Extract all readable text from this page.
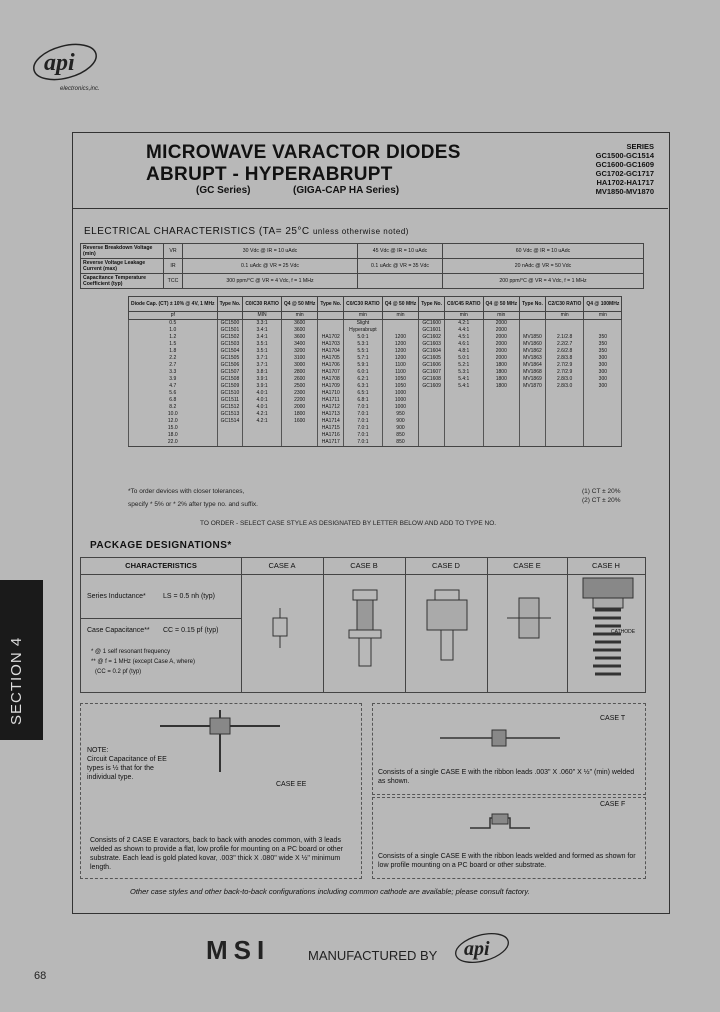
api
electronics,inc.
SECTION 4
MICROWAVE VARACTOR DIODES
ABRUPT - HYPERABRUPT
(GC Series)	(GIGA-CAP HA Series)
SERIES
GC1500-GC1514
GC1600-GC1609
GC1702-GC1717
HA1702-HA1717
MV1850-MV1870
ELECTRICAL CHARACTERISTICS (TA= 25°C unless otherwise noted)
Reverse Breakdown Voltage (min)	VR	30 Vdc @ IR = 10 uAdc	45 Vdc @ IR = 10 uAdc	60 Vdc @ IR = 10 uAdc
Reverse Voltage Leakage Current (max)	IR	0.1 uAdc @ VR = 25 Vdc	0.1 uAdc @ VR = 35 Vdc	20 nAdc @ VR = 50 Vdc
Capacitance Temperature Coefficient (typ)	TCC	300 ppm/°C @ VR = 4 Vdc, f = 1 MHz		200 ppm/°C @ VR = 4 Vdc, f = 1 MHz
Diode Cap. (CT) ± 10% @ 4V, 1 MHz	Type No.	C0/C30 RATIO	Q4 @ 50 MHz	Type No.	C0/C30 RATIO	Q4 @ 50 MHz	Type No.	C0/C45 RATIO	Q4 @ 50 MHz	Type No.	C2/C30 RATIO	Q4 @ 100MHz
pf		MIN	min		min	min		min	min		min	min
0.5	GC1500	3.3:1	3600		Slight		GC1600	4.2:1	2000			
1.0	GC1501	3.4:1	3600		Hyperabrupt		GC1601	4.4:1	2000			
1.2	GC1502	3.4:1	3600	HA1702	5.0:1	1200	GC1602	4.5:1	2000	MV1850	2.1/2.8	350
1.5	GC1503	3.5:1	3400	HA1703	5.3:1	1200	GC1603	4.6:1	2000	MV1860	2.2/2.7	350
1.8	GC1504	3.5:1	3200	HA1704	5.5:1	1200	GC1604	4.8:1	2000	MV1862	2.6/2.8	350
2.2	GC1505	3.7:1	3100	HA1705	5.7:1	1200	GC1605	5.0:1	2000	MV1863	2.8/3.8	300
2.7	GC1506	3.7:1	3000	HA1706	5.9:1	1100	GC1606	5.2:1	1800	MV1864	2.7/2.9	300
3.3	GC1507	3.8:1	2800	HA1707	6.0:1	1100	GC1607	5.3:1	1800	MV1868	2.7/2.9	300
3.9	GC1508	3.9:1	2600	HA1708	6.2:1	1050	GC1608	5.4:1	1800	MV1869	2.8/3.0	300
4.7	GC1509	3.9:1	2500	HA1709	6.3:1	1050	GC1609	5.4:1	1800	MV1870	2.8/3.0	300
5.6	GC1510	4.0:1	2300	HA1710	6.5:1	1000						
6.8	GC1511	4.0:1	2200	HA1711	6.8:1	1000						
8.2	GC1512	4.0:1	2000	HA1712	7.0:1	1000						
10.0	GC1513	4.2:1	1800	HA1713	7.0:1	950						
12.0	GC1514	4.2:1	1600	HA1714	7.0:1	900						
15.0				HA1715	7.0:1	900						
18.0				HA1716	7.0:1	850						
22.0				HA1717	7.0:1	850						
*To order devices with closer tolerances,
specify * 5% or * 2% after type no. and suffix.
(1) CT ± 20%
(2) CT ± 20%
TO ORDER - SELECT CASE STYLE AS DESIGNATED BY LETTER BELOW AND ADD TO TYPE NO.
PACKAGE DESIGNATIONS*
CHARACTERISTICS	CASE A	CASE B	CASE D	CASE E	CASE H
Series Inductance* LS = 0.5 nh (typ)
Case Capacitance** CC = 0.15 pf (typ)
* @ 1 self resonant frequency
** @ f = 1 MHz (except Case A, where)
(CC = 0.2 pf (typ)
CATHODE
NOTE:
Circuit Capacitance of EE types is ½ that for the individual type.
CASE EE
Consists of 2 CASE E varactors, back to back with anodes common, with 3 leads welded as shown to provide a flat, low profile for mounting on a PC board or other substrate. Each lead is gold plated kovar, .003" thick X .080" wide X ½" minimum length.
CASE T
Consists of a single CASE E with the ribbon leads .003" X .060" X ½" (min) welded as shown.
CASE F
Consists of a single CASE E with the ribbon leads welded and formed as shown for low profile mounting on a PC board or other substrate.
Other case styles and other back-to-back configurations including common cathode are available; please consult factory.
MSI	MANUFACTURED BY api
68
